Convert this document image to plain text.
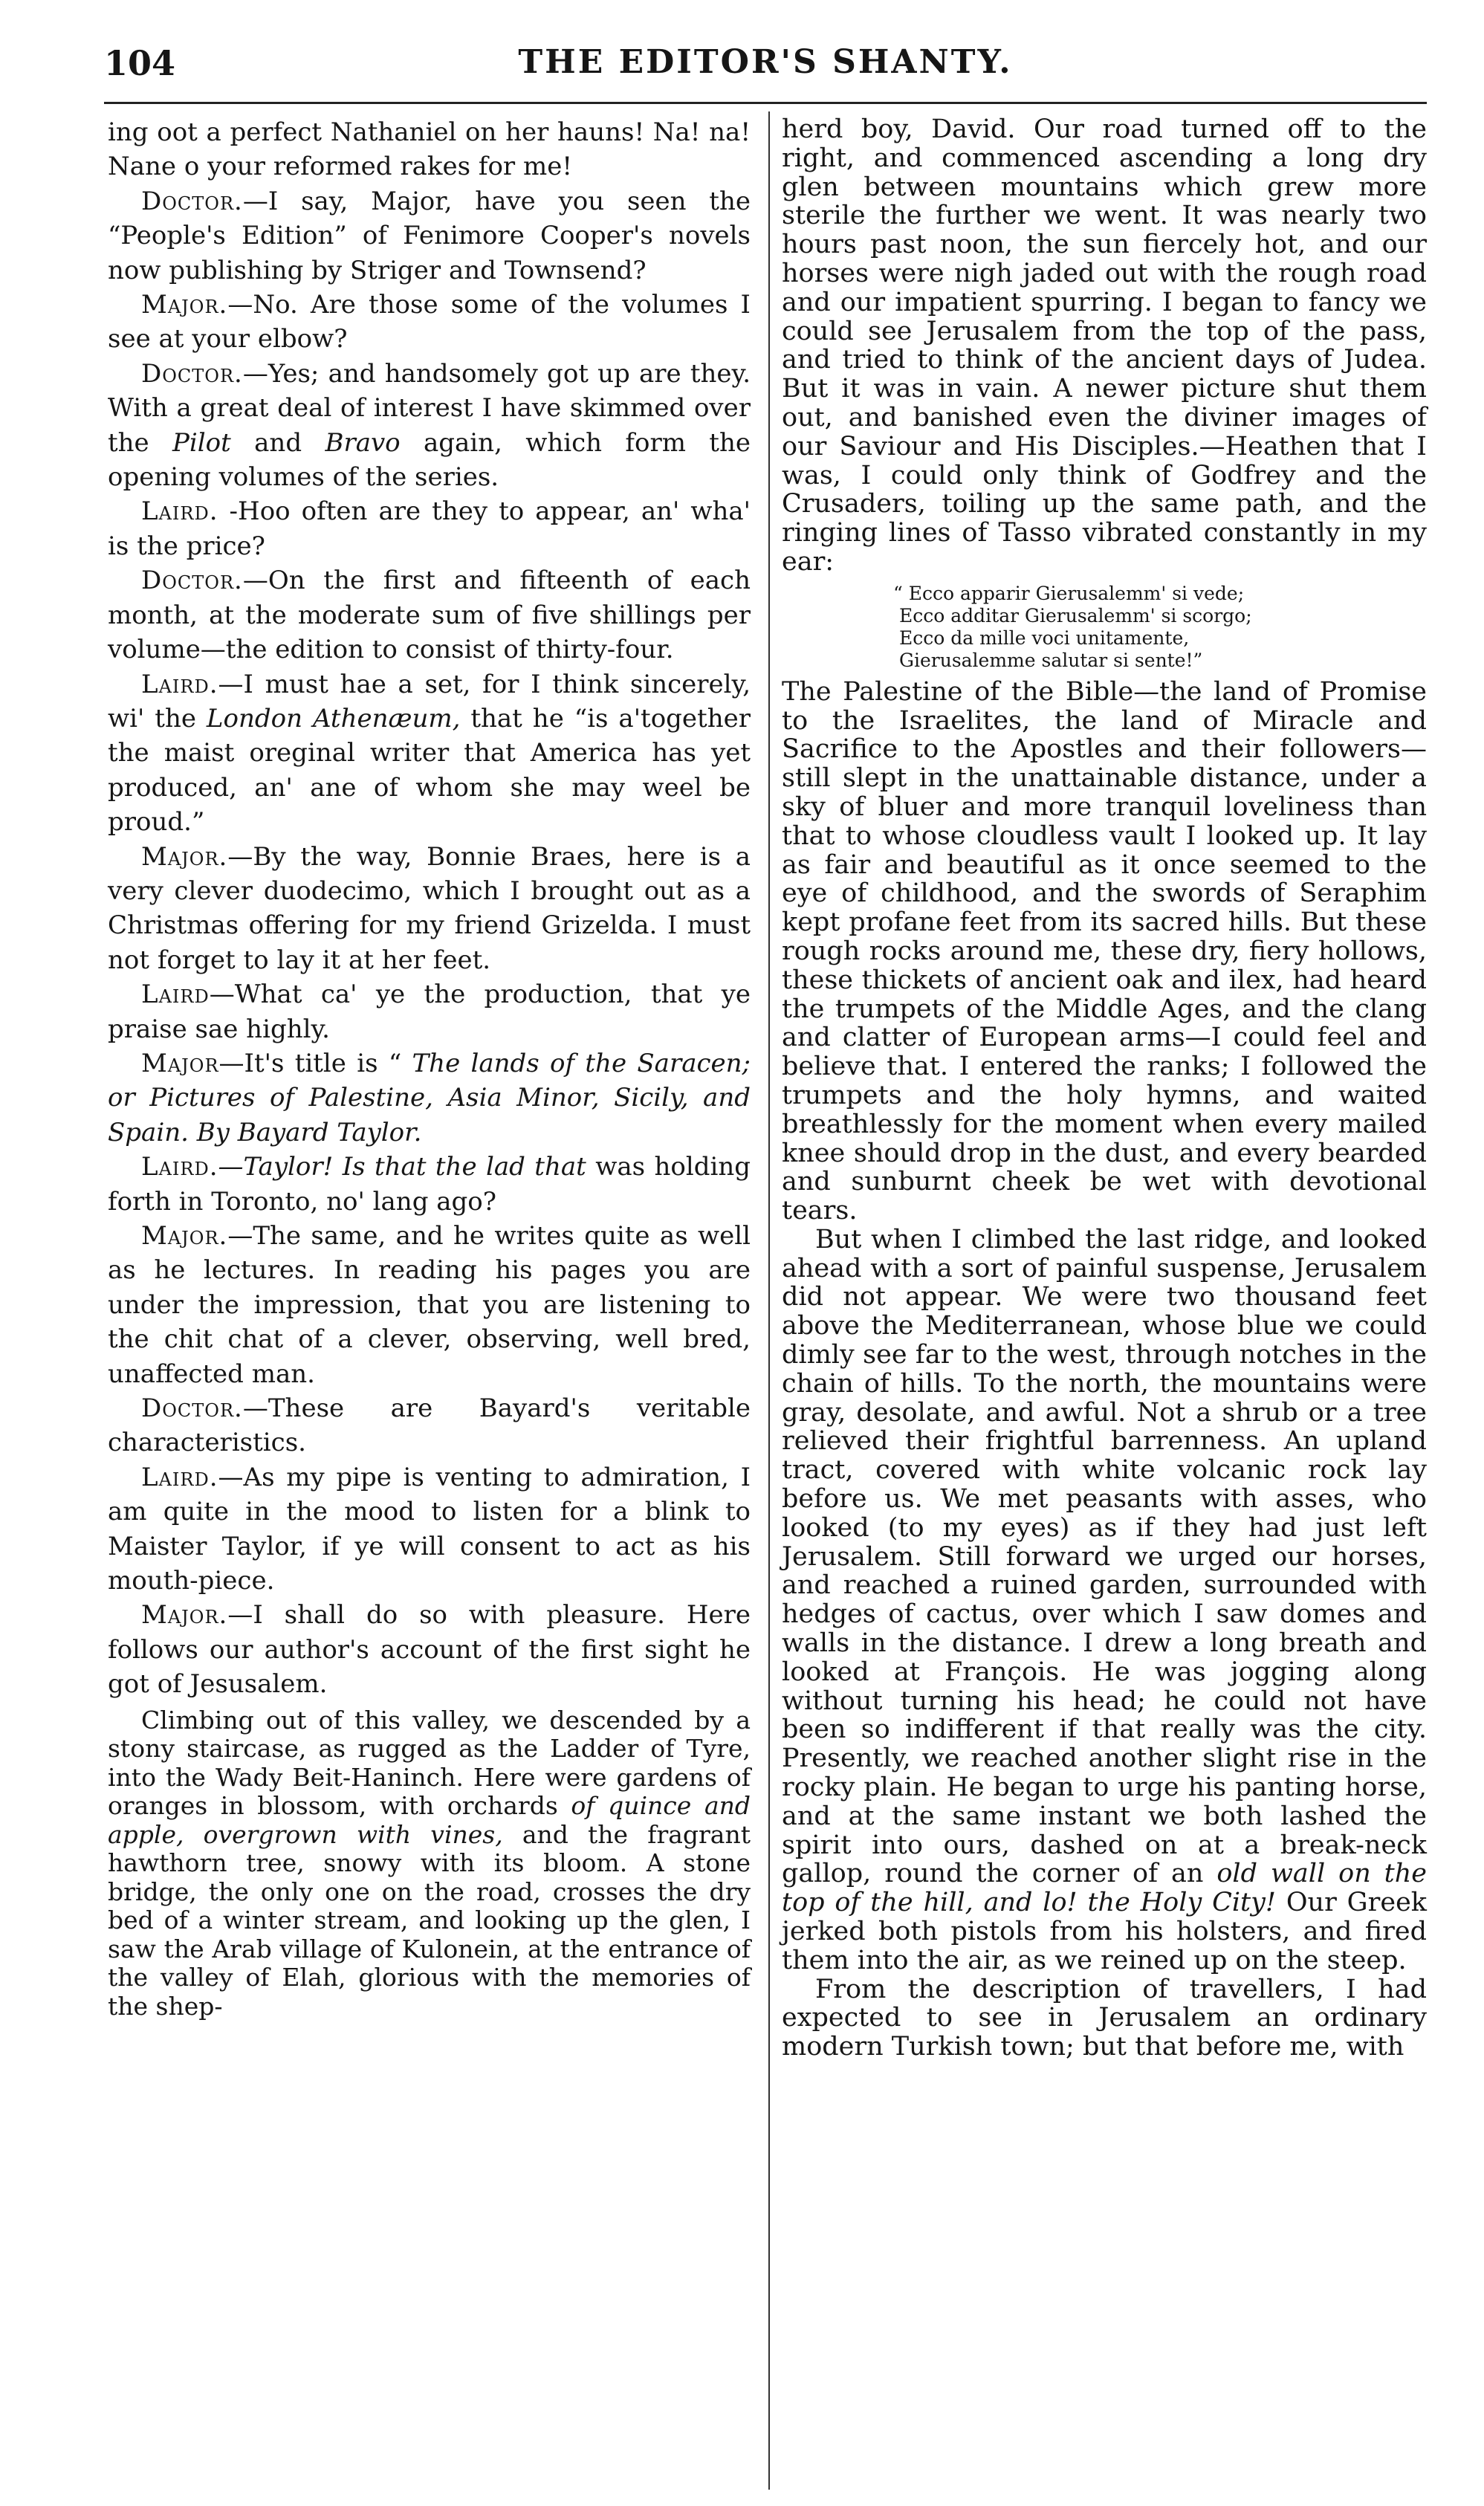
104	THE EDITOR'S SHANTY.

ing oot a perfect Nathaniel on her hauns! Na! na! Nane o your reformed rakes for me!

Doctor.—I say, Major, have you seen the “People's Edition” of Fenimore Cooper's novels now publishing by Striger and Townsend?

Major.—No. Are those some of the volumes I see at your elbow?

Doctor.—Yes; and handsomely got up are they. With a great deal of interest I have skimmed over the Pilot and Bravo again, which form the opening volumes of the series.

Laird. -Hoo often are they to appear, an' wha' is the price?

Doctor.—On the first and fifteenth of each month, at the moderate sum of five shillings per volume—the edition to consist of thirty-four.

Laird.—I must hae a set, for I think sincerely, wi' the London Athenæum, that he “is a'together the maist oreginal writer that America has yet produced, an' ane of whom she may weel be proud.”

Major.—By the way, Bonnie Braes, here is a very clever duodecimo, which I brought out as a Christmas offering for my friend Grizelda. I must not forget to lay it at her feet.

Laird—What ca' ye the production, that ye praise sae highly.

Major—It's title is “ The lands of the Saracen; or Pictures of Palestine, Asia Minor, Sicily, and Spain. By Bayard Taylor.

Laird.—Taylor! Is that the lad that was holding forth in Toronto, no' lang ago?

Major.—The same, and he writes quite as well as he lectures. In reading his pages you are under the impression, that you are listening to the chit chat of a clever, observing, well bred, unaffected man.

Doctor.—These are Bayard's veritable characteristics.

Laird.—As my pipe is venting to admiration, I am quite in the mood to listen for a blink to Maister Taylor, if ye will consent to act as his mouth-piece.

Major.—I shall do so with pleasure. Here follows our author's account of the first sight he got of Jesusalem.

Climbing out of this valley, we descended by a stony staircase, as rugged as the Ladder of Tyre, into the Wady Beit-Haninch. Here were gardens of oranges in blossom, with orchards of quince and apple, overgrown with vines, and the fragrant hawthorn tree, snowy with its bloom. A stone bridge, the only one on the road, crosses the dry bed of a winter stream, and looking up the glen, I saw the Arab village of Kulonein, at the entrance of the valley of Elah, glorious with the memories of the shep-

herd boy, David. Our road turned off to the right, and commenced ascending a long dry glen between mountains which grew more sterile the further we went. It was nearly two hours past noon, the sun fiercely hot, and our horses were nigh jaded out with the rough road and our impatient spurring. I began to fancy we could see Jerusalem from the top of the pass, and tried to think of the ancient days of Judea. But it was in vain. A newer picture shut them out, and banished even the diviner images of our Saviour and His Disciples.—Heathen that I was, I could only think of Godfrey and the Crusaders, toiling up the same path, and the ringing lines of Tasso vibrated constantly in my ear:

“ Ecco apparir Gierusalemm' si vede;
Ecco additar Gierusalemm' si scorgo;
Ecco da mille voci unitamente,
Gierusalemme salutar si sente!”

The Palestine of the Bible—the land of Promise to the Israelites, the land of Miracle and Sacrifice to the Apostles and their followers—still slept in the unattainable distance, under a sky of bluer and more tranquil loveliness than that to whose cloudless vault I looked up. It lay as fair and beautiful as it once seemed to the eye of childhood, and the swords of Seraphim kept profane feet from its sacred hills. But these rough rocks around me, these dry, fiery hollows, these thickets of ancient oak and ilex, had heard the trumpets of the Middle Ages, and the clang and clatter of European arms—I could feel and believe that. I entered the ranks; I followed the trumpets and the holy hymns, and waited breathlessly for the moment when every mailed knee should drop in the dust, and every bearded and sunburnt cheek be wet with devotional tears.

But when I climbed the last ridge, and looked ahead with a sort of painful suspense, Jerusalem did not appear. We were two thousand feet above the Mediterranean, whose blue we could dimly see far to the west, through notches in the chain of hills. To the north, the mountains were gray, desolate, and awful. Not a shrub or a tree relieved their frightful barrenness. An upland tract, covered with white volcanic rock lay before us. We met peasants with asses, who looked (to my eyes) as if they had just left Jerusalem. Still forward we urged our horses, and reached a ruined garden, surrounded with hedges of cactus, over which I saw domes and walls in the distance. I drew a long breath and looked at François. He was jogging along without turning his head; he could not have been so indifferent if that really was the city. Presently, we reached another slight rise in the rocky plain. He began to urge his panting horse, and at the same instant we both lashed the spirit into ours, dashed on at a break-neck gallop, round the corner of an old wall on the top of the hill, and lo! the Holy City! Our Greek jerked both pistols from his holsters, and fired them into the air, as we reined up on the steep.

From the description of travellers, I had expected to see in Jerusalem an ordinary modern Turkish town; but that before me, with
